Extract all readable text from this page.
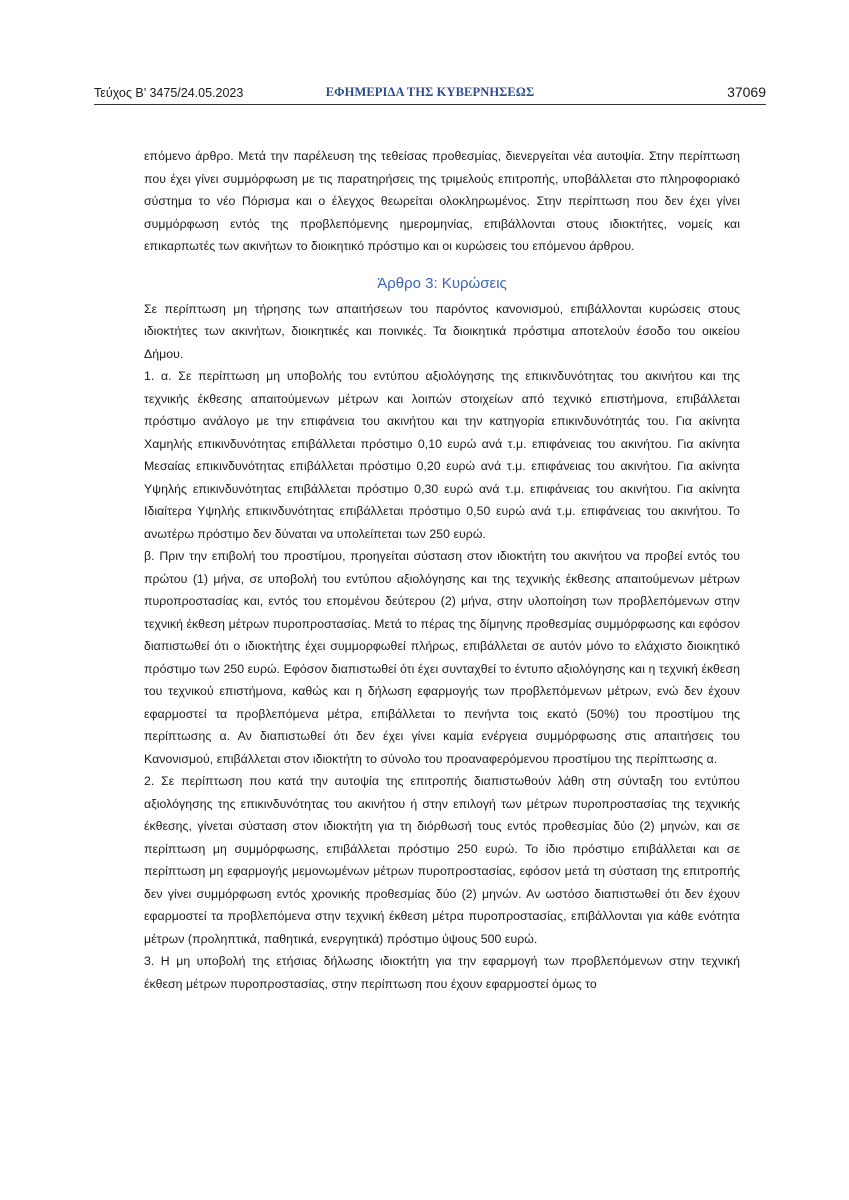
Τεύχος Β’ 3475/24.05.2023	ΕΦΗΜΕΡΙΔΑ ΤΗΣ ΚΥΒΕΡΝΗΣΕΩΣ	37069

επόμενο άρθρο. Μετά την παρέλευση της τεθείσας προθεσμίας, διενεργείται νέα αυτοψία. Στην περίπτωση που έχει γίνει συμμόρφωση με τις παρατηρήσεις της τριμελούς επιτροπής, υποβάλλεται στο πληροφοριακό σύστημα το νέο Πόρισμα και ο έλεγχος θεωρείται ολοκληρωμένος. Στην περίπτωση που δεν έχει γίνει συμμόρφωση εντός της προβλεπόμενης ημερομηνίας, επιβάλλονται στους ιδιοκτήτες, νομείς και επικαρπωτές των ακινήτων το διοικητικό πρόστιμο και οι κυρώσεις του επόμενου άρθρου.

Άρθρο 3: Κυρώσεις

Σε περίπτωση μη τήρησης των απαιτήσεων του παρόντος κανονισμού, επιβάλλονται κυρώσεις στους ιδιοκτήτες των ακινήτων, διοικητικές και ποινικές. Τα διοικητικά πρόστιμα αποτελούν έσοδο του οικείου Δήμου.

1. α. Σε περίπτωση μη υποβολής του εντύπου αξιολόγησης της επικινδυνότητας του ακινήτου και της τεχνικής έκθεσης απαιτούμενων μέτρων και λοιπών στοιχείων από τεχνικό επιστήμονα, επιβάλλεται πρόστιμο ανάλογο με την επιφάνεια του ακινήτου και την κατηγορία επικινδυνότητάς του. Για ακίνητα Χαμηλής επικινδυνότητας επιβάλλεται πρόστιμο 0,10 ευρώ ανά τ.μ. επιφάνειας του ακινήτου. Για ακίνητα Μεσαίας επικινδυνότητας επιβάλλεται πρόστιμο 0,20 ευρώ ανά τ.μ. επιφάνειας του ακινήτου. Για ακίνητα Υψηλής επικινδυνότητας επιβάλλεται πρόστιμο 0,30 ευρώ ανά τ.μ. επιφάνειας του ακινήτου. Για ακίνητα Ιδιαίτερα Υψηλής επικινδυνότητας επιβάλλεται πρόστιμο 0,50 ευρώ ανά τ.μ. επιφάνειας του ακινήτου. Το ανωτέρω πρόστιμο δεν δύναται να υπολείπεται των 250 ευρώ.

β. Πριν την επιβολή του προστίμου, προηγείται σύσταση στον ιδιοκτήτη του ακινήτου να προβεί εντός του πρώτου (1) μήνα, σε υποβολή του εντύπου αξιολόγησης και της τεχνικής έκθεσης απαιτούμενων μέτρων πυροπροστασίας και, εντός του επομένου δεύτερου (2) μήνα, στην υλοποίηση των προβλεπόμενων στην τεχνική έκθεση μέτρων πυροπροστασίας. Μετά το πέρας της δίμηνης προθεσμίας συμμόρφωσης και εφόσον διαπιστωθεί ότι ο ιδιοκτήτης έχει συμμορφωθεί πλήρως, επιβάλλεται σε αυτόν μόνο το ελάχιστο διοικητικό πρόστιμο των 250 ευρώ. Εφόσον διαπιστωθεί ότι έχει συνταχθεί το έντυπο αξιολόγησης και η τεχνική έκθεση του τεχνικού επιστήμονα, καθώς και η δήλωση εφαρμογής των προβλεπόμενων μέτρων, ενώ δεν έχουν εφαρμοστεί τα προβλεπόμενα μέτρα, επιβάλλεται το πενήντα τοις εκατό (50%) του προστίμου της περίπτωσης α. Αν διαπιστωθεί ότι δεν έχει γίνει καμία ενέργεια συμμόρφωσης στις απαιτήσεις του Κανονισμού, επιβάλλεται στον ιδιοκτήτη το σύνολο του προαναφερόμενου προστίμου της περίπτωσης α.

2. Σε περίπτωση που κατά την αυτοψία της επιτροπής διαπιστωθούν λάθη στη σύνταξη του εντύπου αξιολόγησης της επικινδυνότητας του ακινήτου ή στην επιλογή των μέτρων πυροπροστασίας της τεχνικής έκθεσης, γίνεται σύσταση στον ιδιοκτήτη για τη διόρθωσή τους εντός προθεσμίας δύο (2) μηνών, και σε περίπτωση μη συμμόρφωσης, επιβάλλεται πρόστιμο 250 ευρώ. Το ίδιο πρόστιμο επιβάλλεται και σε περίπτωση μη εφαρμογής μεμονωμένων μέτρων πυροπροστασίας, εφόσον μετά τη σύσταση της επιτροπής δεν γίνει συμμόρφωση εντός χρονικής προθεσμίας δύο (2) μηνών. Αν ωστόσο διαπιστωθεί ότι δεν έχουν εφαρμοστεί τα προβλεπόμενα στην τεχνική έκθεση μέτρα πυροπροστασίας, επιβάλλονται για κάθε ενότητα μέτρων (προληπτικά, παθητικά, ενεργητικά) πρόστιμο ύψους 500 ευρώ.

3. Η μη υποβολή της ετήσιας δήλωσης ιδιοκτήτη για την εφαρμογή των προβλεπόμενων στην τεχνική έκθεση μέτρων πυροπροστασίας, στην περίπτωση που έχουν εφαρμοστεί όμως το
